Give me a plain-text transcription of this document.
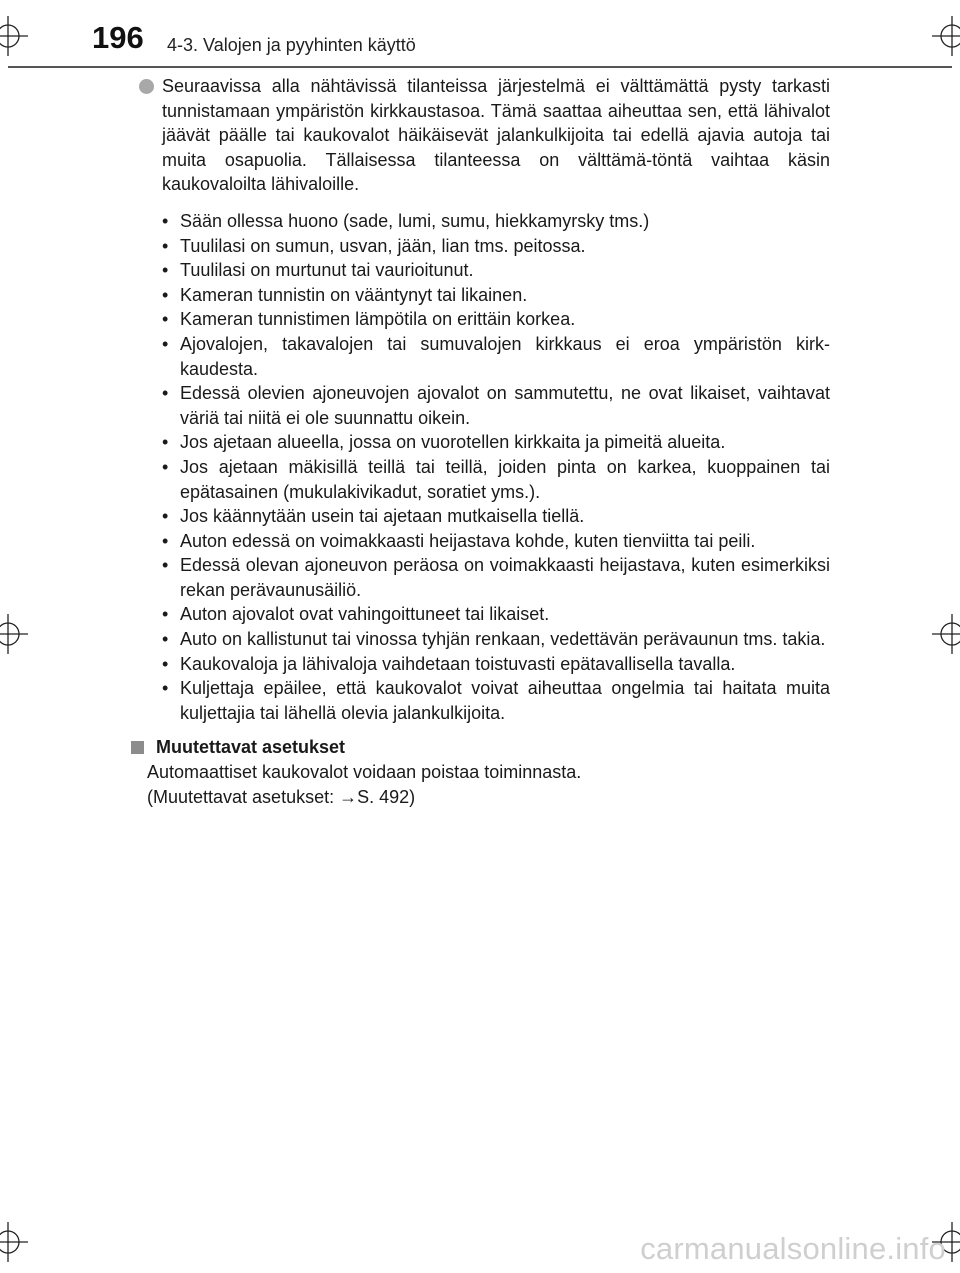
196 4-3. Valojen ja pyyhinten käyttö
Seuraavissa alla nähtävissä tilanteissa järjestelmä ei välttämättä pysty tarkasti tunnistamaan ympäristön kirkkaustasoa. Tämä saattaa aiheuttaa sen, että lähivalot jäävät päälle tai kaukovalot häikäisevät jalankulkijoita tai edellä ajavia autoja tai muita osapuolia. Tällaisessa tilanteessa on välttämä-töntä vaihtaa käsin kaukovaloilta lähivaloille.
• Sään ollessa huono (sade, lumi, sumu, hiekkamyrsky tms.)
• Tuulilasi on sumun, usvan, jään, lian tms. peitossa.
• Tuulilasi on murtunut tai vaurioitunut.
• Kameran tunnistin on vääntynyt tai likainen.
• Kameran tunnistimen lämpötila on erittäin korkea.
• Ajovalojen, takavalojen tai sumuvalojen kirkkaus ei eroa ympäristön kirk-kaudesta.
• Edessä olevien ajoneuvojen ajovalot on sammutettu, ne ovat likaiset, vaihtavat väriä tai niitä ei ole suunnattu oikein.
• Jos ajetaan alueella, jossa on vuorotellen kirkkaita ja pimeitä alueita.
• Jos ajetaan mäkisillä teillä tai teillä, joiden pinta on karkea, kuoppainen tai epätasainen (mukulakivikadut, soratiet yms.).
• Jos käännytään usein tai ajetaan mutkaisella tiellä.
• Auton edessä on voimakkaasti heijastava kohde, kuten tienviitta tai peili.
• Edessä olevan ajoneuvon peräosa on voimakkaasti heijastava, kuten esimerkiksi rekan perävaunusäiliö.
• Auton ajovalot ovat vahingoittuneet tai likaiset.
• Auto on kallistunut tai vinossa tyhjän renkaan, vedettävän perävaunun tms. takia.
• Kaukovaloja ja lähivaloja vaihdetaan toistuvasti epätavallisella tavalla.
• Kuljettaja epäilee, että kaukovalot voivat aiheuttaa ongelmia tai haitata muita kuljettajia tai lähellä olevia jalankulkijoita.
Muutettavat asetukset
Automaattiset kaukovalot voidaan poistaa toiminnasta.
(Muutettavat asetukset: →S. 492)
carmanualsonline.info
